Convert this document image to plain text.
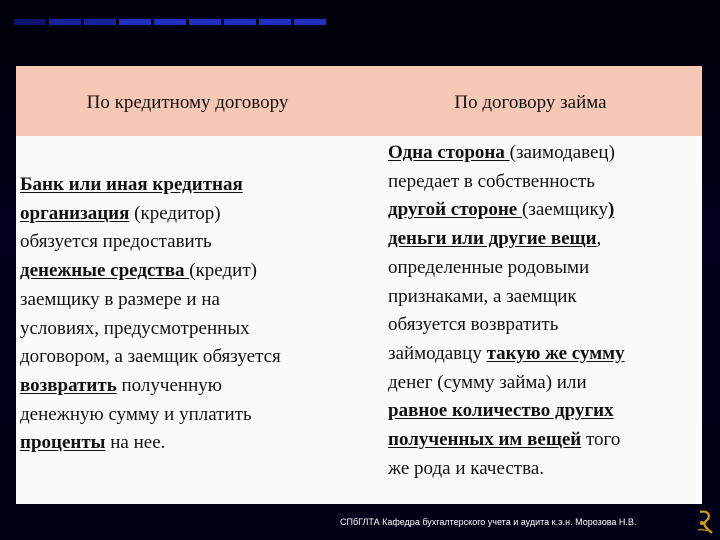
По кредитному договору	По договору займа
Банк или иная кредитная
организация (кредитор)
обязуется предоставить
денежные средства (кредит)
заемщику в размере и на
условиях, предусмотренных
договором, а заемщик обязуется
возвратить полученную
денежную сумму и уплатить
проценты на нее.
Одна сторона (заимодавец)
передает в собственность
другой стороне (заемщику)
деньги или другие вещи,
определенные родовыми
признаками, а заемщик
обязуется возвратить
займодавцу такую же сумму
денег (сумму займа) или
равное количество других
полученных им вещей того
же рода и качества.
СПбГЛТА Кафедра бухгалтерского учета и аудита к.э.н. Морозова Н.В.
